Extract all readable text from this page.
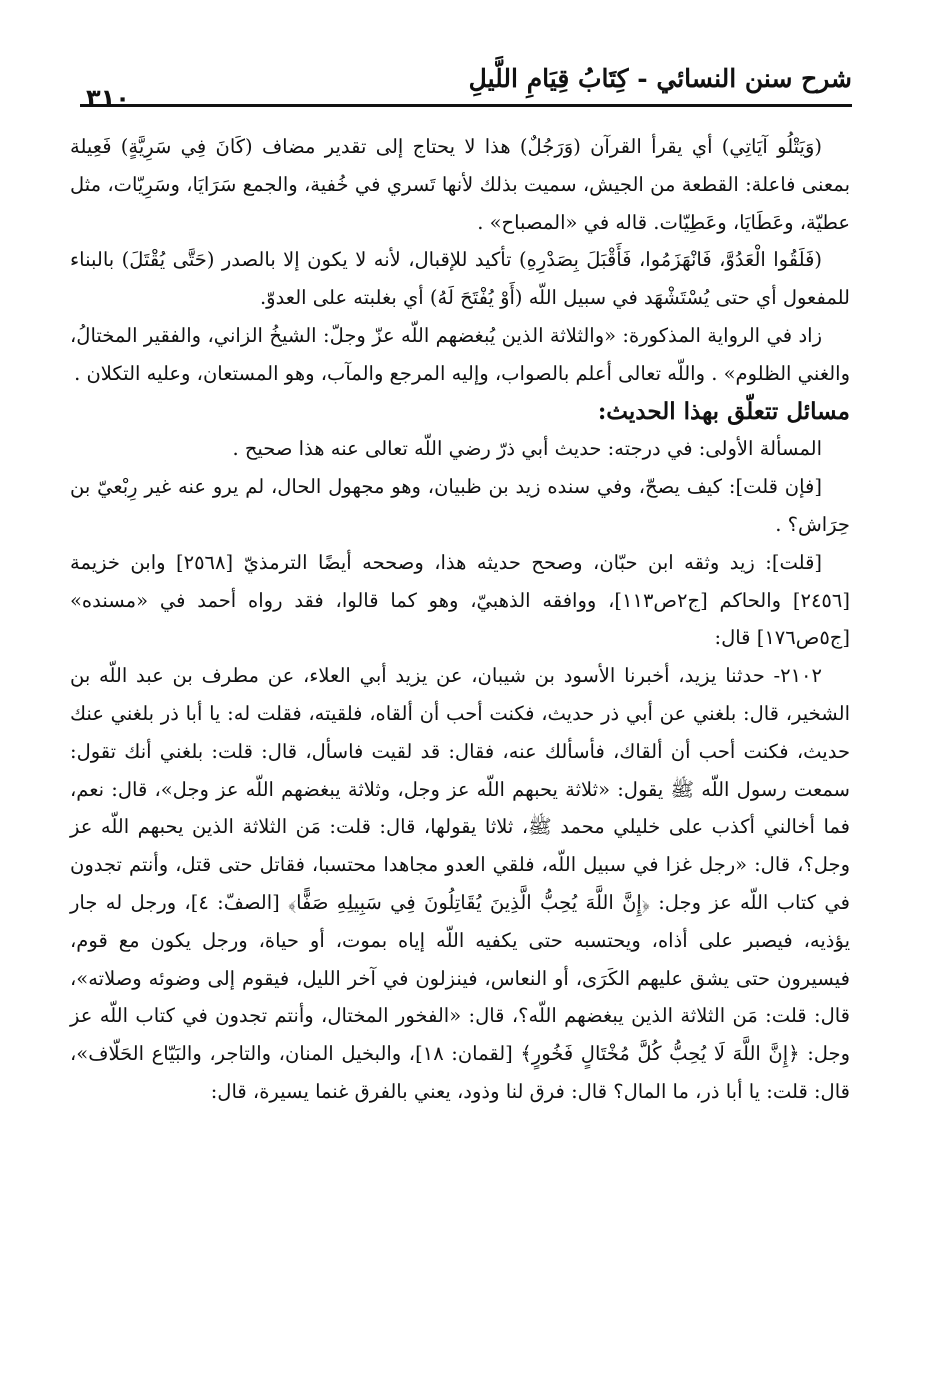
شرح سنن النسائي - كِتَابُ قِيَامِ اللَّيلِ
٣١٠

(وَيَتْلُو آيَاتِي) أي يقرأ القرآن (وَرَجُلٌ) هذا لا يحتاج إلى تقدير مضاف (كَانَ فِي سَرِيَّةٍ) فَعِيلة بمعنى فاعلة: القطعة من الجيش، سميت بذلك لأنها تَسري في خُفية، والجمع سَرَايَا، وسَرِيّات، مثل عطيّة، وعَطَايَا، وعَطِيّات. قاله في «المصباح» .

(فَلَقُوا الْعَدُوَّ، فَانْهَزَمُوا، فَأَقْبَلَ بِصَدْرِهِ) تأكيد للإقبال، لأنه لا يكون إلا بالصدر (حَتَّى يُقْتَلَ) بالبناء للمفعول أي حتى يُسْتَشْهَد في سبيل اللّه (أَوْ يُفْتَحَ لَهُ) أي بغلبته على العدوّ.

زاد في الرواية المذكورة: «والثلاثة الذين يُبغضهم اللّه عزّ وجلّ: الشيخُ الزاني، والفقير المختالُ، والغني الظلوم» . واللّه تعالى أعلم بالصواب، وإليه المرجع والمآب، وهو المستعان، وعليه التكلان .

مسائل تتعلّق بهذا الحديث:

المسألة الأولى: في درجته: حديث أبي ذرّ رضي اللّه تعالى عنه هذا صحيح .

[فإن قلت]: كيف يصحّ، وفي سنده زيد بن ظبيان، وهو مجهول الحال، لم يرو عنه غير رِبْعيّ بن حِرَاش؟ .

[قلت]: زيد وثقه ابن حبّان، وصحح حديثه هذا، وصححه أيضًا الترمذيّ [٢٥٦٨] وابن خزيمة [٢٤٥٦] والحاكم [ج٢ص١١٣]، ووافقه الذهبيّ، وهو كما قالوا، فقد رواه أحمد في «مسنده» [ج٥ص١٧٦] قال:

٢١٠٢- حدثنا يزيد، أخبرنا الأسود بن شيبان، عن يزيد أبي العلاء، عن مطرف بن عبد اللّه بن الشخير، قال: بلغني عن أبي ذر حديث، فكنت أحب أن ألقاه، فلقيته، فقلت له: يا أبا ذر بلغني عنك حديث، فكنت أحب أن ألقاك، فأسألك عنه، فقال: قد لقيت فاسأل، قال: قلت: بلغني أنك تقول: سمعت رسول اللّه ﷺ يقول: «ثلاثة يحبهم اللّه عز وجل، وثلاثة يبغضهم اللّه عز وجل»، قال: نعم، فما أخالني أكذب على خليلي محمد ﷺ، ثلاثا يقولها، قال: قلت: مَن الثلاثة الذين يحبهم اللّه عز وجل؟، قال: «رجل غزا في سبيل اللّه، فلقي العدو مجاهدا محتسبا، فقاتل حتى قتل، وأنتم تجدون في كتاب اللّه عز وجل: ﴿إِنَّ اللَّهَ يُحِبُّ الَّذِينَ يُقَاتِلُونَ فِي سَبِيلِهِ صَفًّا﴾ [الصفّ: ٤]، ورجل له جار يؤذيه، فيصبر على أذاه، ويحتسبه حتى يكفيه اللّه إياه بموت، أو حياة، ورجل يكون مع قوم، فيسيرون حتى يشق عليهم الكَرَى، أو النعاس، فينزلون في آخر الليل، فيقوم إلى وضوئه وصلاته»، قال: قلت: مَن الثلاثة الذين يبغضهم اللّه؟، قال: «الفخور المختال، وأنتم تجدون في كتاب اللّه عز وجل: ﴿إِنَّ اللَّهَ لَا يُحِبُّ كُلَّ مُخْتَالٍ فَخُورٍ﴾ [لقمان: ١٨]، والبخيل المنان، والتاجر، والبَيّاع الحَلّاف»، قال: قلت: يا أبا ذر، ما المال؟ قال: فرق لنا وذود، يعني بالفرق غنما يسيرة، قال:
